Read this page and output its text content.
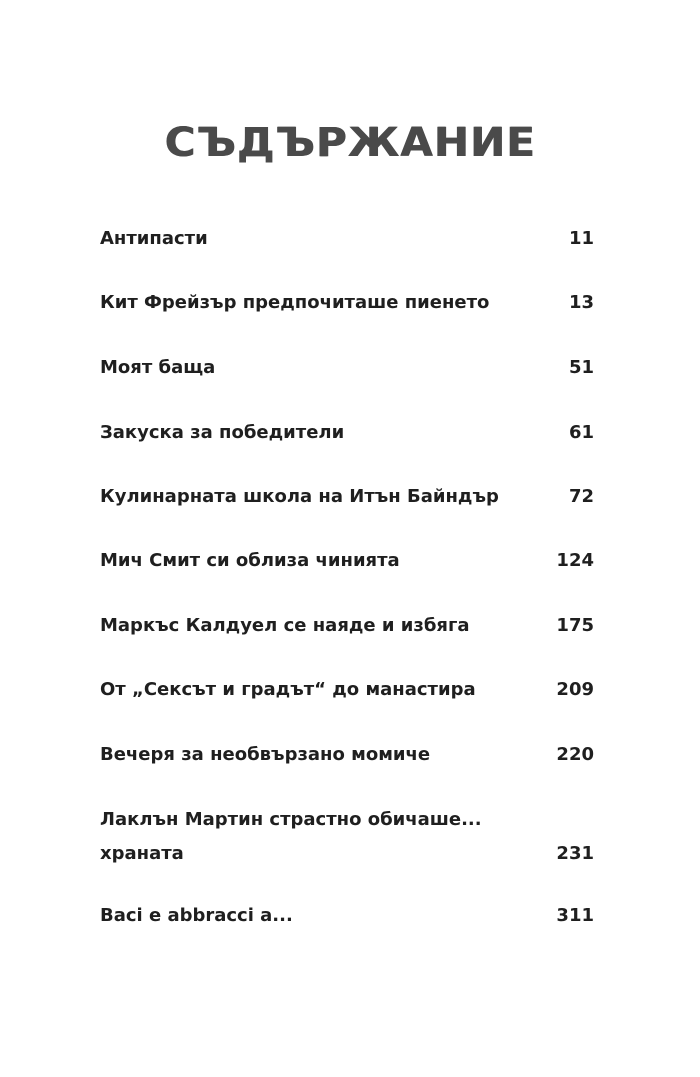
СЪДЪРЖАНИЕ
Антипасти	11
Кит Фрейзър предпочиташе пиенето	13
Моят баща	51
Закуска за победители	61
Кулинарната школа на Итън Байндър	72
Мич Смит си облиза чинията	124
Маркъс Калдуел се наяде и избяга	175
От „Сексът и градът“ до манастира	209
Вечеря за необвързано момиче	220
Лаклън Мартин страстно обичаше...
храната	231
Baci e abbracci a...	311
